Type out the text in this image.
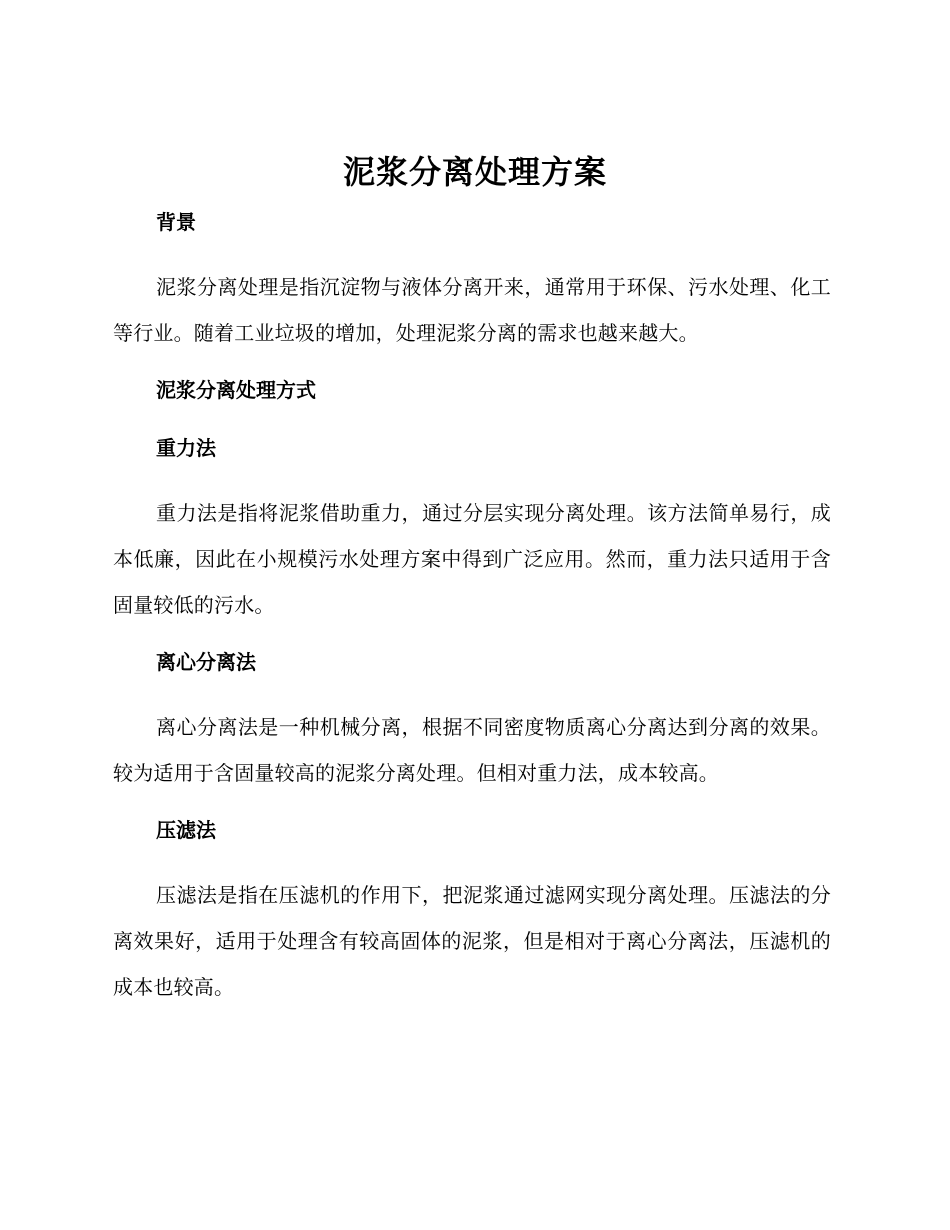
泥浆分离处理方案
背景

泥浆分离处理是指沉淀物与液体分离开来，通常用于环保、污水处理、化工等行业。随着工业垃圾的增加，处理泥浆分离的需求也越来越大。

泥浆分离处理方式
重力法

重力法是指将泥浆借助重力，通过分层实现分离处理。该方法简单易行，成本低廉，因此在小规模污水处理方案中得到广泛应用。然而，重力法只适用于含固量较低的污水。

离心分离法

离心分离法是一种机械分离，根据不同密度物质离心分离达到分离的效果。较为适用于含固量较高的泥浆分离处理。但相对重力法，成本较高。

压滤法

压滤法是指在压滤机的作用下，把泥浆通过滤网实现分离处理。压滤法的分离效果好，适用于处理含有较高固体的泥浆，但是相对于离心分离法，压滤机的成本也较高。
